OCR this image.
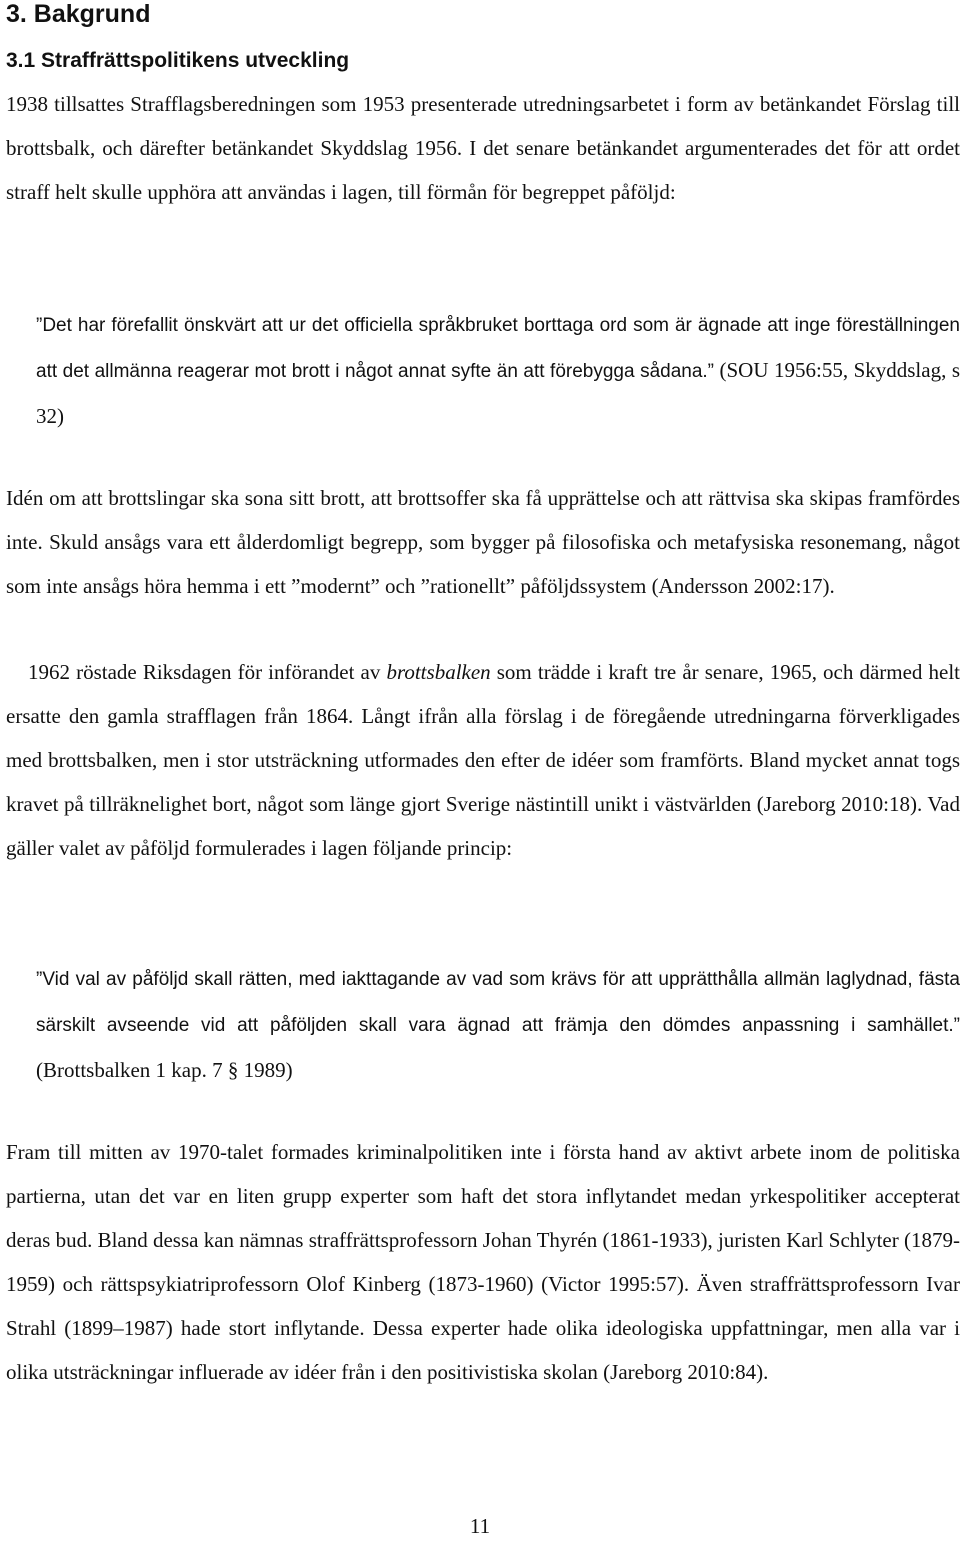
3. Bakgrund
3.1 Straffrättspolitikens utveckling

1938 tillsattes Strafflagsberedningen som 1953 presenterade utredningsarbetet i form av betänkandet Förslag till brottsbalk, och därefter betänkandet Skyddslag 1956. I det senare betänkandet argumenterades det för att ordet straff helt skulle upphöra att användas i lagen, till förmån för begreppet påföljd:

”Det har förefallit önskvärt att ur det officiella språkbruket borttaga ord som är ägnade att inge föreställningen att det allmänna reagerar mot brott i något annat syfte än att förebygga sådana.” (SOU 1956:55, Skyddslag, s 32)

Idén om att brottslingar ska sona sitt brott, att brottsoffer ska få upprättelse och att rättvisa ska skipas framfördes inte. Skuld ansågs vara ett ålderdomligt begrepp, som bygger på filosofiska och metafysiska resonemang, något som inte ansågs höra hemma i ett ”modernt” och ”rationellt” påföljdssystem (Andersson 2002:17).

1962 röstade Riksdagen för införandet av brottsbalken som trädde i kraft tre år senare, 1965, och därmed helt ersatte den gamla strafflagen från 1864. Långt ifrån alla förslag i de föregående utredningarna förverkligades med brottsbalken, men i stor utsträckning utformades den efter de idéer som framförts. Bland mycket annat togs kravet på tillräknelighet bort, något som länge gjort Sverige nästintill unikt i västvärlden (Jareborg 2010:18). Vad gäller valet av påföljd formulerades i lagen följande princip:

”Vid val av påföljd skall rätten, med iakttagande av vad som krävs för att upprätthålla allmän laglydnad, fästa särskilt avseende vid att påföljden skall vara ägnad att främja den dömdes anpassning i samhället.” (Brottsbalken 1 kap. 7 § 1989)

Fram till mitten av 1970-talet formades kriminalpolitiken inte i första hand av aktivt arbete inom de politiska partierna, utan det var en liten grupp experter som haft det stora inflytandet medan yrkespolitiker accepterat deras bud. Bland dessa kan nämnas straffrättsprofessorn Johan Thyrén (1861-1933), juristen Karl Schlyter (1879-1959) och rättspsykiatriprofessorn Olof Kinberg (1873-1960) (Victor 1995:57). Även straffrättsprofessorn Ivar Strahl (1899–1987) hade stort inflytande. Dessa experter hade olika ideologiska uppfattningar, men alla var i olika utsträckningar influerade av idéer från i den positivistiska skolan (Jareborg 2010:84).

11
